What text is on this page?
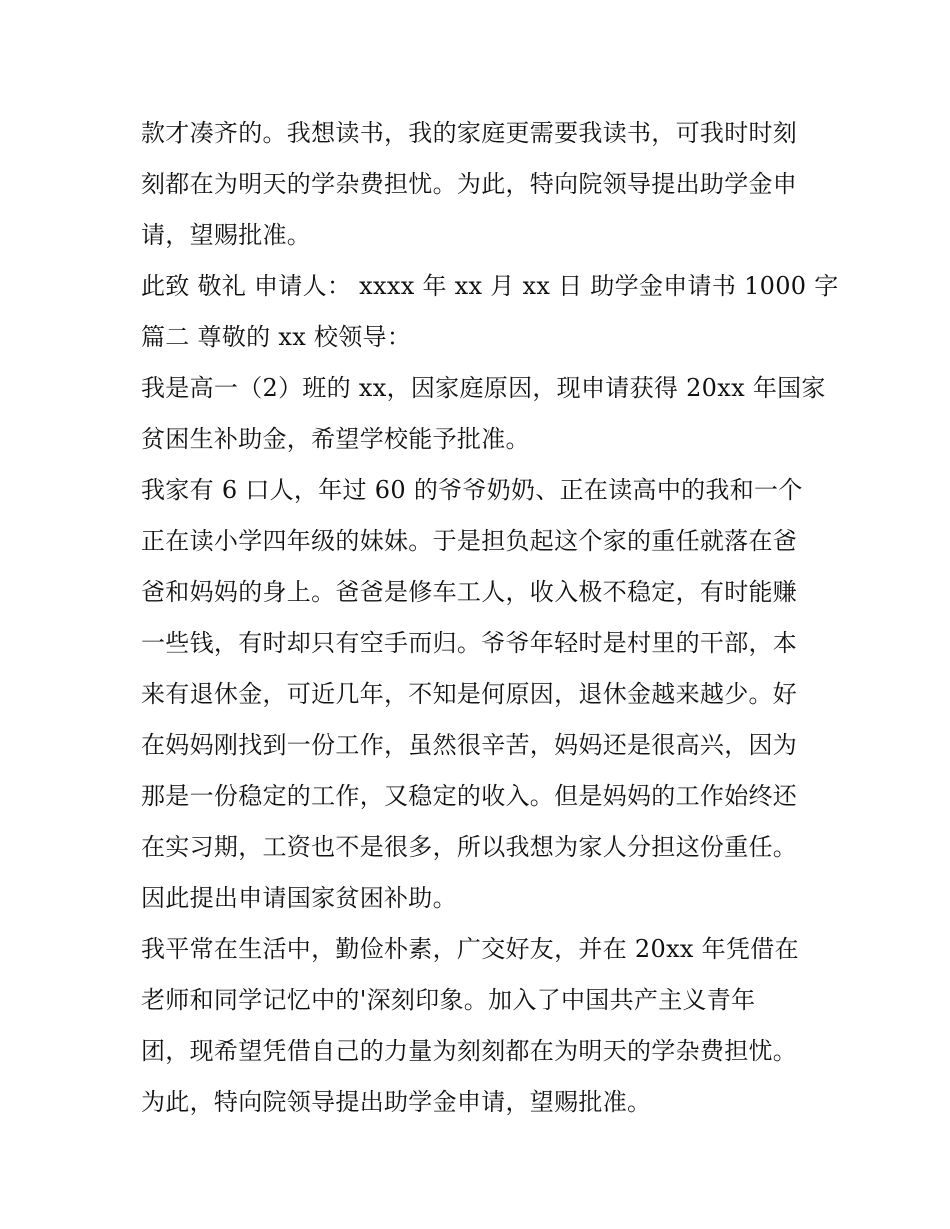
款才凑齐的。我想读书，我的家庭更需要我读书，可我时时刻
刻都在为明天的学杂费担忧。为此，特向院领导提出助学金申
请，望赐批准。
此致 敬礼 申请人： xxxx 年 xx 月 xx 日 助学金申请书 1000 字
篇二 尊敬的 xx 校领导：
我是高一（2）班的 xx，因家庭原因，现申请获得 20xx 年国家
贫困生补助金，希望学校能予批准。
我家有 6 口人，年过 60 的爷爷奶奶、正在读高中的我和一个
正在读小学四年级的妹妹。于是担负起这个家的重任就落在爸
爸和妈妈的身上。爸爸是修车工人，收入极不稳定，有时能赚
一些钱，有时却只有空手而归。爷爷年轻时是村里的干部，本
来有退休金，可近几年，不知是何原因，退休金越来越少。好
在妈妈刚找到一份工作，虽然很辛苦，妈妈还是很高兴，因为
那是一份稳定的工作，又稳定的收入。但是妈妈的工作始终还
在实习期，工资也不是很多，所以我想为家人分担这份重任。
因此提出申请国家贫困补助。
我平常在生活中，勤俭朴素，广交好友，并在 20xx 年凭借在
老师和同学记忆中的'深刻印象。加入了中国共产主义青年
团，现希望凭借自己的力量为刻刻都在为明天的学杂费担忧。
为此，特向院领导提出助学金申请，望赐批准。
